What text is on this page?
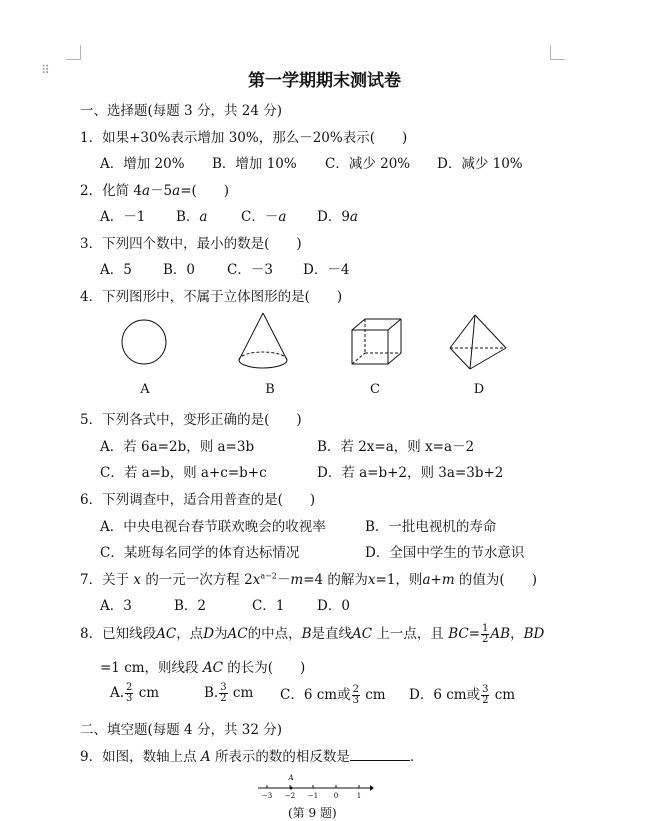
⠿
第一学期期末测试卷
一、选择题(每题 3 分，共 24 分)
1．如果+30%表示增加 30%，那么－20%表示(　　)
A．增加 20% B．增加 10% C．减少 20% D．减少 10%
2．化简 4a－5a=(　　)
A．－1 B．a C．－a D．9a
3．下列四个数中，最小的数是(　　)
A．5 B．0 C．－3 D．－4
4．下列图形中，不属于立体图形的是(　　)
A	B	C	D
5．下列各式中，变形正确的是(　　)
A．若 6a=2b，则 a=3b	B．若 2x=a，则 x=a－2
C．若 a=b，则 a+c=b+c	D．若 a=b+2，则 3a=3b+2
6．下列调查中，适合用普查的是(　　)
A．中央电视台春节联欢晚会的收视率	B．一批电视机的寿命
C．某班每名同学的体育达标情况	D．全国中学生的节水意识
7．关于 x 的一元一次方程 $2x^{a-2}-m=4$ 的解为x=1，则a+m 的值为(　　)
A．3	B．2	C．1 D．0
8．已知线段AC，点D为AC的中点，B是直线AC 上一点，且 $BC= \frac{1}{2}$ AB，BD
=1 cm，则线段 AC 的长为(　　)
A. $\frac{2}{3}$ cm	B. $\frac{3}{2}$ cm C．6 cm或 $\frac{2}{3}$ cm D．6 cm或 $\frac{3}{2}$ cm
二、填空题(每题 4 分，共 32 分)
9．如图，数轴上点 A 所表示的数的相反数是	．
A
−3 −2 −1 0	1
(第 9 题)
